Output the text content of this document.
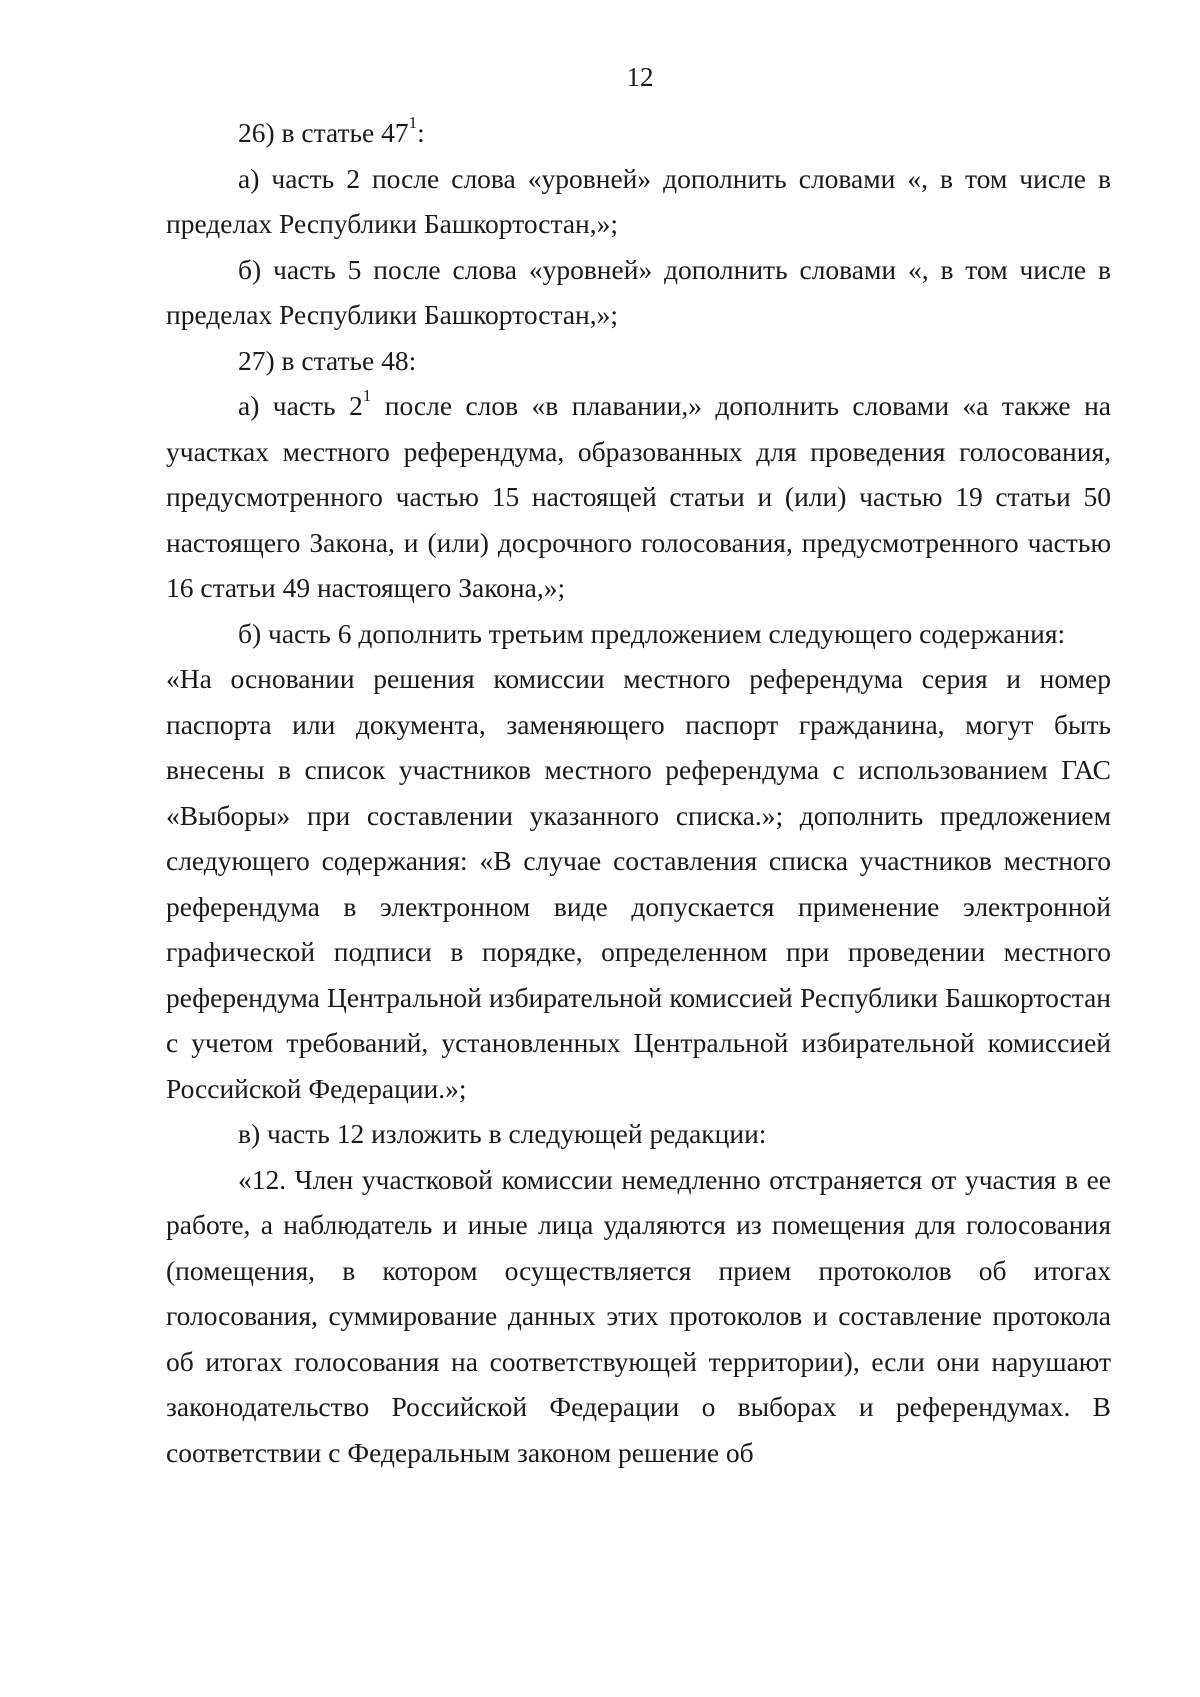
12

26) в статье $47^1$:

а) часть 2 после слова «уровней» дополнить словами «, в том числе в пределах Республики Башкортостан,»;

б) часть 5 после слова «уровней» дополнить словами «, в том числе в пределах Республики Башкортостан,»;

27) в статье 48:

а) часть $2^1$ после слов «в плавании,» дополнить словами «а также на участках местного референдума, образованных для проведения голосования, предусмотренного частью 15 настоящей статьи и (или) частью 19 статьи 50 настоящего Закона, и (или) досрочного голосования, предусмотренного частью 16 статьи 49 настоящего Закона,»;

б) часть 6 дополнить третьим предложением следующего содержания:

«На основании решения комиссии местного референдума серия и номер паспорта или документа, заменяющего паспорт гражданина, могут быть внесены в список участников местного референдума с использованием ГАС «Выборы» при составлении указанного списка.»; дополнить предложением следующего содержания: «В случае составления списка участников местного референдума в электронном виде допускается применение электронной графической подписи в порядке, определенном при проведении местного референдума Центральной избирательной комиссией Республики Башкортостан с учетом требований, установленных Центральной избирательной комиссией Российской Федерации.»;

в) часть 12 изложить в следующей редакции:

«12. Член участковой комиссии немедленно отстраняется от участия в ее работе, а наблюдатель и иные лица удаляются из помещения для голосования (помещения, в котором осуществляется прием протоколов об итогах голосования, суммирование данных этих протоколов и составление протокола об итогах голосования на соответствующей территории), если они нарушают законодательство Российской Федерации о выборах и референдумах. В соответствии с Федеральным законом решение об
